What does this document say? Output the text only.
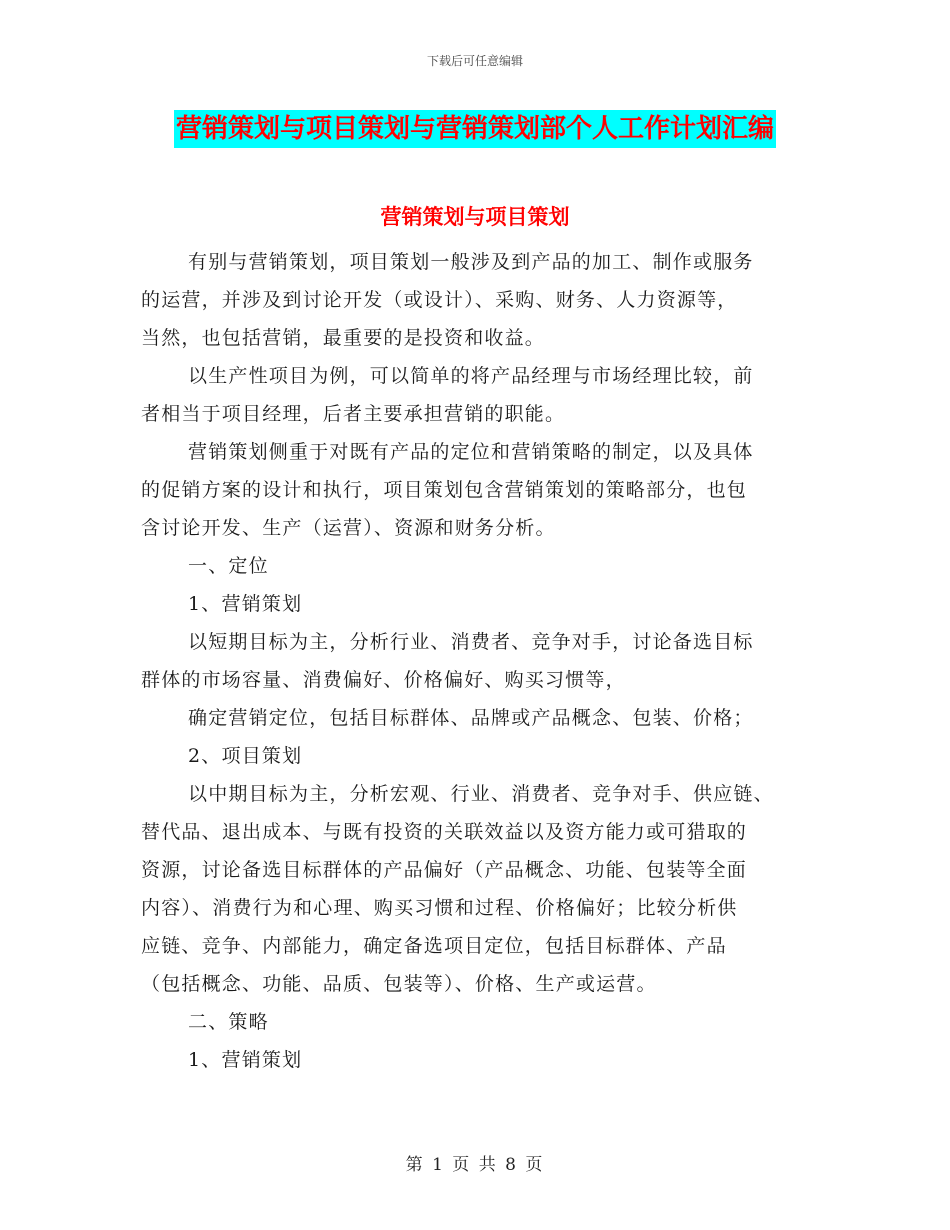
下载后可任意编辑
营销策划与项目策划与营销策划部个人工作计划汇编
营销策划与项目策划

有别与营销策划，项目策划一般涉及到产品的加工、制作或服务

的运营，并涉及到讨论开发（或设计）、采购、财务、人力资源等，

当然，也包括营销，最重要的是投资和收益。

以生产性项目为例，可以简单的将产品经理与市场经理比较，前

者相当于项目经理，后者主要承担营销的职能。

营销策划侧重于对既有产品的定位和营销策略的制定，以及具体

的促销方案的设计和执行，项目策划包含营销策划的策略部分，也包

含讨论开发、生产（运营）、资源和财务分析。

一、定位

1、营销策划

以短期目标为主，分析行业、消费者、竞争对手，讨论备选目标

群体的市场容量、消费偏好、价格偏好、购买习惯等，

确定营销定位，包括目标群体、品牌或产品概念、包装、价格；

2、项目策划

以中期目标为主，分析宏观、行业、消费者、竞争对手、供应链、

替代品、退出成本、与既有投资的关联效益以及资方能力或可猎取的

资源，讨论备选目标群体的产品偏好（产品概念、功能、包装等全面

内容）、消费行为和心理、购买习惯和过程、价格偏好；比较分析供

应链、竞争、内部能力，确定备选项目定位，包括目标群体、产品

（包括概念、功能、品质、包装等）、价格、生产或运营。

二、策略

1、营销策划

第 1 页 共 8 页
